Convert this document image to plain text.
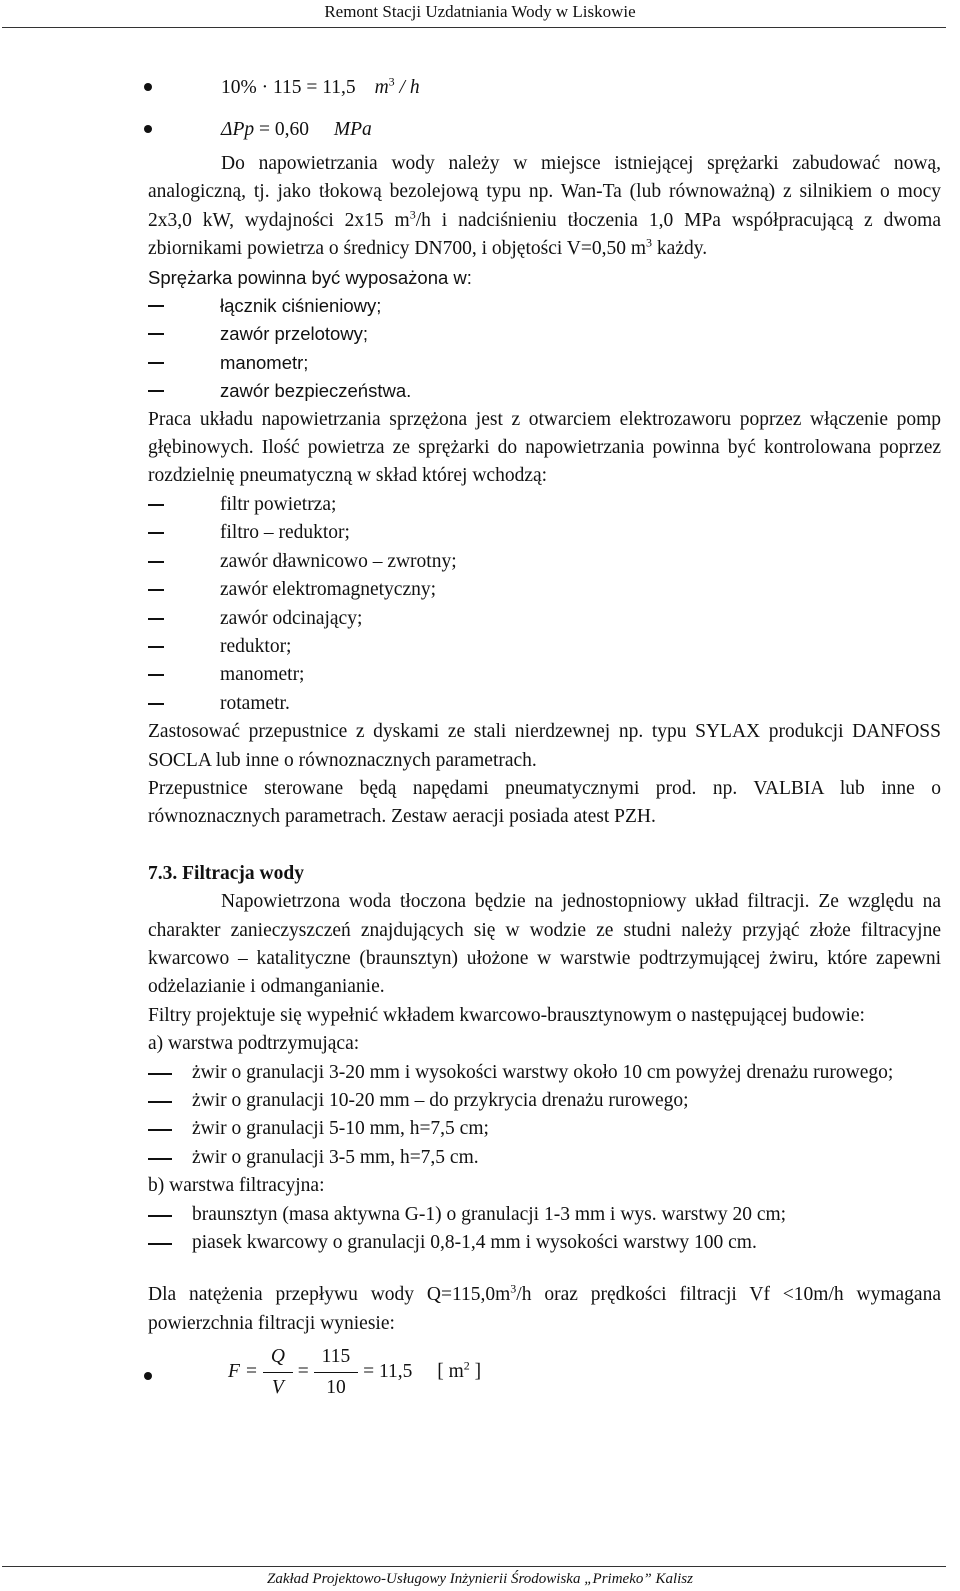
Remont Stacji Uzdatniania Wody w Liskowie
10% · 115 = 11,5 $m^3$ / h
ΔPp = 0,60 MPa

Do napowietrzania wody należy w miejsce istniejącej sprężarki zabudować nową, analogiczną, tj. jako tłokową bezolejową typu np. Wan-Ta (lub równoważną) z silnikiem o mocy 2x3,0 kW, wydajności 2x15 $m^3/h$ i nadciśnieniu tłoczenia 1,0 MPa współpracującą z dwoma zbiornikami powietrza o średnicy DN700, i objętości V=0,50 $m^3$ każdy.

Sprężarka powinna być wyposażona w:

łącznik ciśnieniowy;
zawór przelotowy;
manometr;
zawór bezpieczeństwa.

Praca układu napowietrzania sprzężona jest z otwarciem elektrozaworu poprzez włączenie pomp głębinowych. Ilość powietrza ze sprężarki do napowietrzania powinna być kontrolowana poprzez rozdzielnię pneumatyczną w skład której wchodzą:

filtr powietrza;
filtro – reduktor;
zawór dławnicowo – zwrotny;
zawór elektromagnetyczny;
zawór odcinający;
reduktor;
manometr;
rotametr.

Zastosować przepustnice z dyskami ze stali nierdzewnej np. typu SYLAX produkcji DANFOSS SOCLA lub inne o równoznacznych parametrach.

Przepustnice sterowane będą napędami pneumatycznymi prod. np. VALBIA lub inne o równoznacznych parametrach. Zestaw aeracji posiada atest PZH.

7.3. Filtracja wody

Napowietrzona woda tłoczona będzie na jednostopniowy układ filtracji. Ze względu na charakter zanieczyszczeń znajdujących się w wodzie ze studni należy przyjąć złoże filtracyjne kwarcowo – katalityczne (braunsztyn) ułożone w warstwie podtrzymującej żwiru, które zapewni odżelazianie i odmanganianie.

Filtry projektuje się wypełnić wkładem kwarcowo-brausztynowym o następującej budowie:

a) warstwa podtrzymująca:

żwir o granulacji 3-20 mm i wysokości warstwy około 10 cm powyżej drenażu rurowego;
żwir o granulacji 10-20 mm – do przykrycia drenażu rurowego;
żwir o granulacji 5-10 mm, h=7,5 cm;
żwir o granulacji 3-5 mm, h=7,5 cm.

b) warstwa filtracyjna:

braunsztyn (masa aktywna G-1) o granulacji 1-3 mm i wys. warstwy 20 cm;
piasek kwarcowy o granulacji 0,8-1,4 mm i wysokości warstwy 100 cm.

Dla natężenia przepływu wody $Q=115,0m^3/h$ oraz prędkości filtracji Vf <10m/h wymagana powierzchnia filtracji wyniesie:

$F = \frac{Q}{V} = \frac{115}{10} = 11,5$ [ $m^2$ ]
Zakład Projektowo-Usługowy Inżynierii Środowiska „Primeko” Kalisz
